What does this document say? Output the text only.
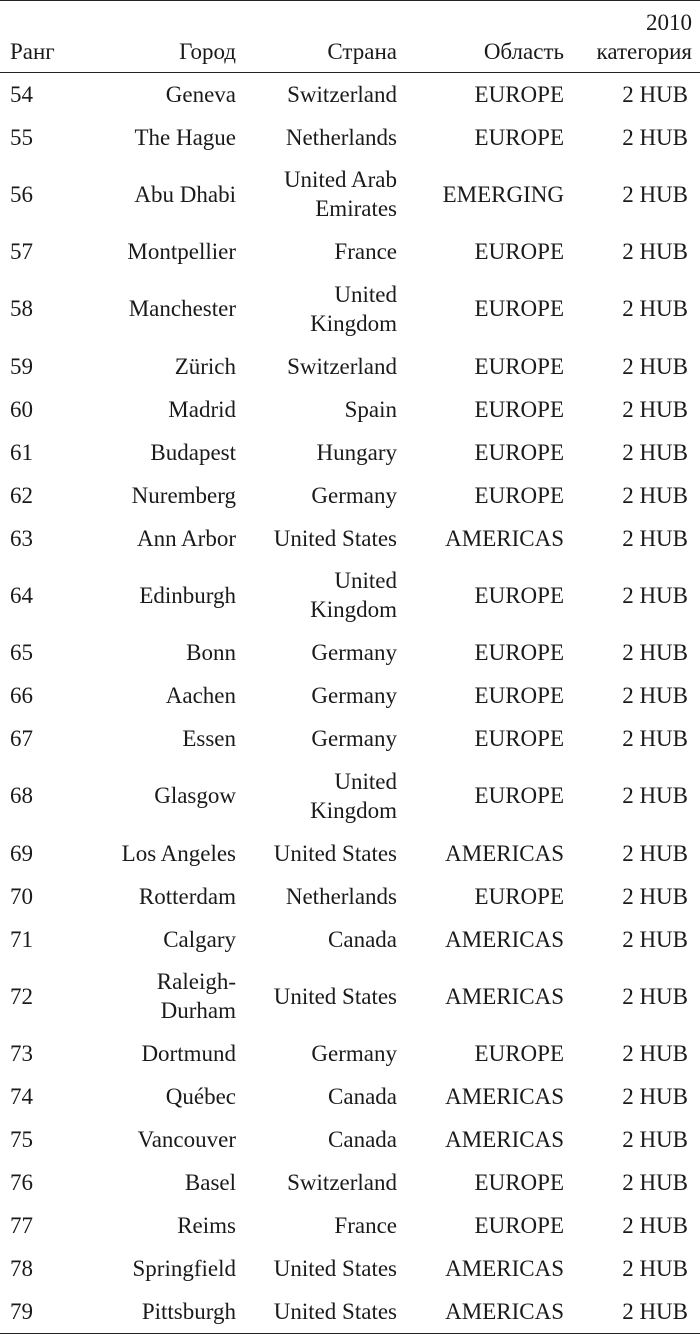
Ранг	Город	Страна	Область	2010
категория
54	Geneva	Switzerland	EUROPE	2 HUB
55	The Hague	Netherlands	EUROPE	2 HUB
56	Abu Dhabi	United Arab
Emirates	EMERGING	2 HUB
57	Montpellier	France	EUROPE	2 HUB
58	Manchester	United
Kingdom	EUROPE	2 HUB
59	Zürich	Switzerland	EUROPE	2 HUB
60	Madrid	Spain	EUROPE	2 HUB
61	Budapest	Hungary	EUROPE	2 HUB
62	Nuremberg	Germany	EUROPE	2 HUB
63	Ann Arbor	United States	AMERICAS	2 HUB
64	Edinburgh	United
Kingdom	EUROPE	2 HUB
65	Bonn	Germany	EUROPE	2 HUB
66	Aachen	Germany	EUROPE	2 HUB
67	Essen	Germany	EUROPE	2 HUB
68	Glasgow	United
Kingdom	EUROPE	2 HUB
69	Los Angeles	United States	AMERICAS	2 HUB
70	Rotterdam	Netherlands	EUROPE	2 HUB
71	Calgary	Canada	AMERICAS	2 HUB
72	Raleigh-
Durham	United States	AMERICAS	2 HUB
73	Dortmund	Germany	EUROPE	2 HUB
74	Québec	Canada	AMERICAS	2 HUB
75	Vancouver	Canada	AMERICAS	2 HUB
76	Basel	Switzerland	EUROPE	2 HUB
77	Reims	France	EUROPE	2 HUB
78	Springfield	United States	AMERICAS	2 HUB
79	Pittsburgh	United States	AMERICAS	2 HUB
